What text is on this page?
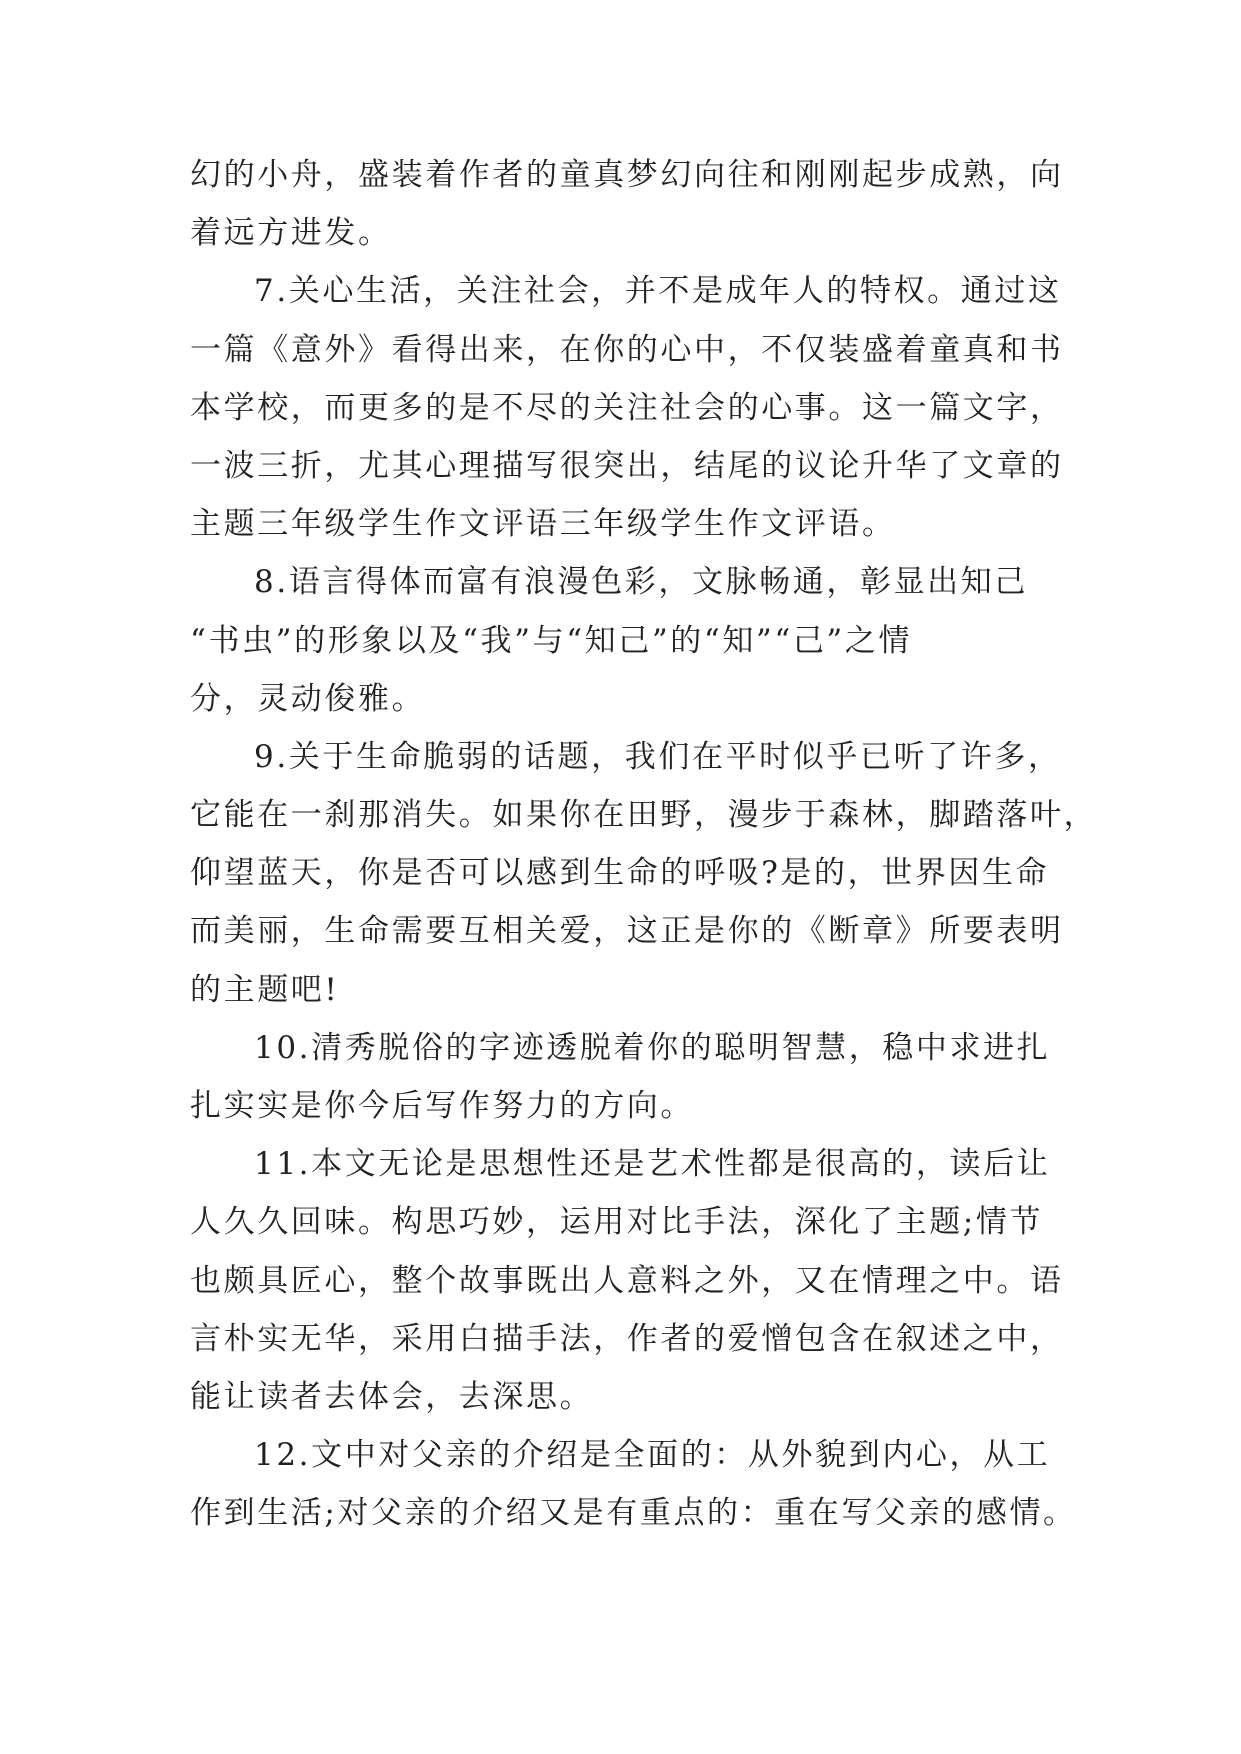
幻的小舟，盛装着作者的童真梦幻向往和刚刚起步成熟，向
着远方进发。
7.关心生活，关注社会，并不是成年人的特权。通过这
一篇《意外》看得出来，在你的心中，不仅装盛着童真和书
本学校，而更多的是不尽的关注社会的心事。这一篇文字，
一波三折，尤其心理描写很突出，结尾的议论升华了文章的
主题三年级学生作文评语三年级学生作文评语。
8.语言得体而富有浪漫色彩，文脉畅通，彰显出知己
“书虫”的形象以及“我”与“知己”的“知”“己”之情
分，灵动俊雅。
9.关于生命脆弱的话题，我们在平时似乎已听了许多，
它能在一刹那消失。如果你在田野，漫步于森林，脚踏落叶，
仰望蓝天，你是否可以感到生命的呼吸?是的，世界因生命
而美丽，生命需要互相关爱，这正是你的《断章》所要表明
的主题吧!
10.清秀脱俗的字迹透脱着你的聪明智慧，稳中求进扎
扎实实是你今后写作努力的方向。
11.本文无论是思想性还是艺术性都是很高的，读后让
人久久回味。构思巧妙，运用对比手法，深化了主题;情节
也颇具匠心，整个故事既出人意料之外，又在情理之中。语
言朴实无华，采用白描手法，作者的爱憎包含在叙述之中，
能让读者去体会，去深思。
12.文中对父亲的介绍是全面的：从外貌到内心，从工
作到生活;对父亲的介绍又是有重点的：重在写父亲的感情。
